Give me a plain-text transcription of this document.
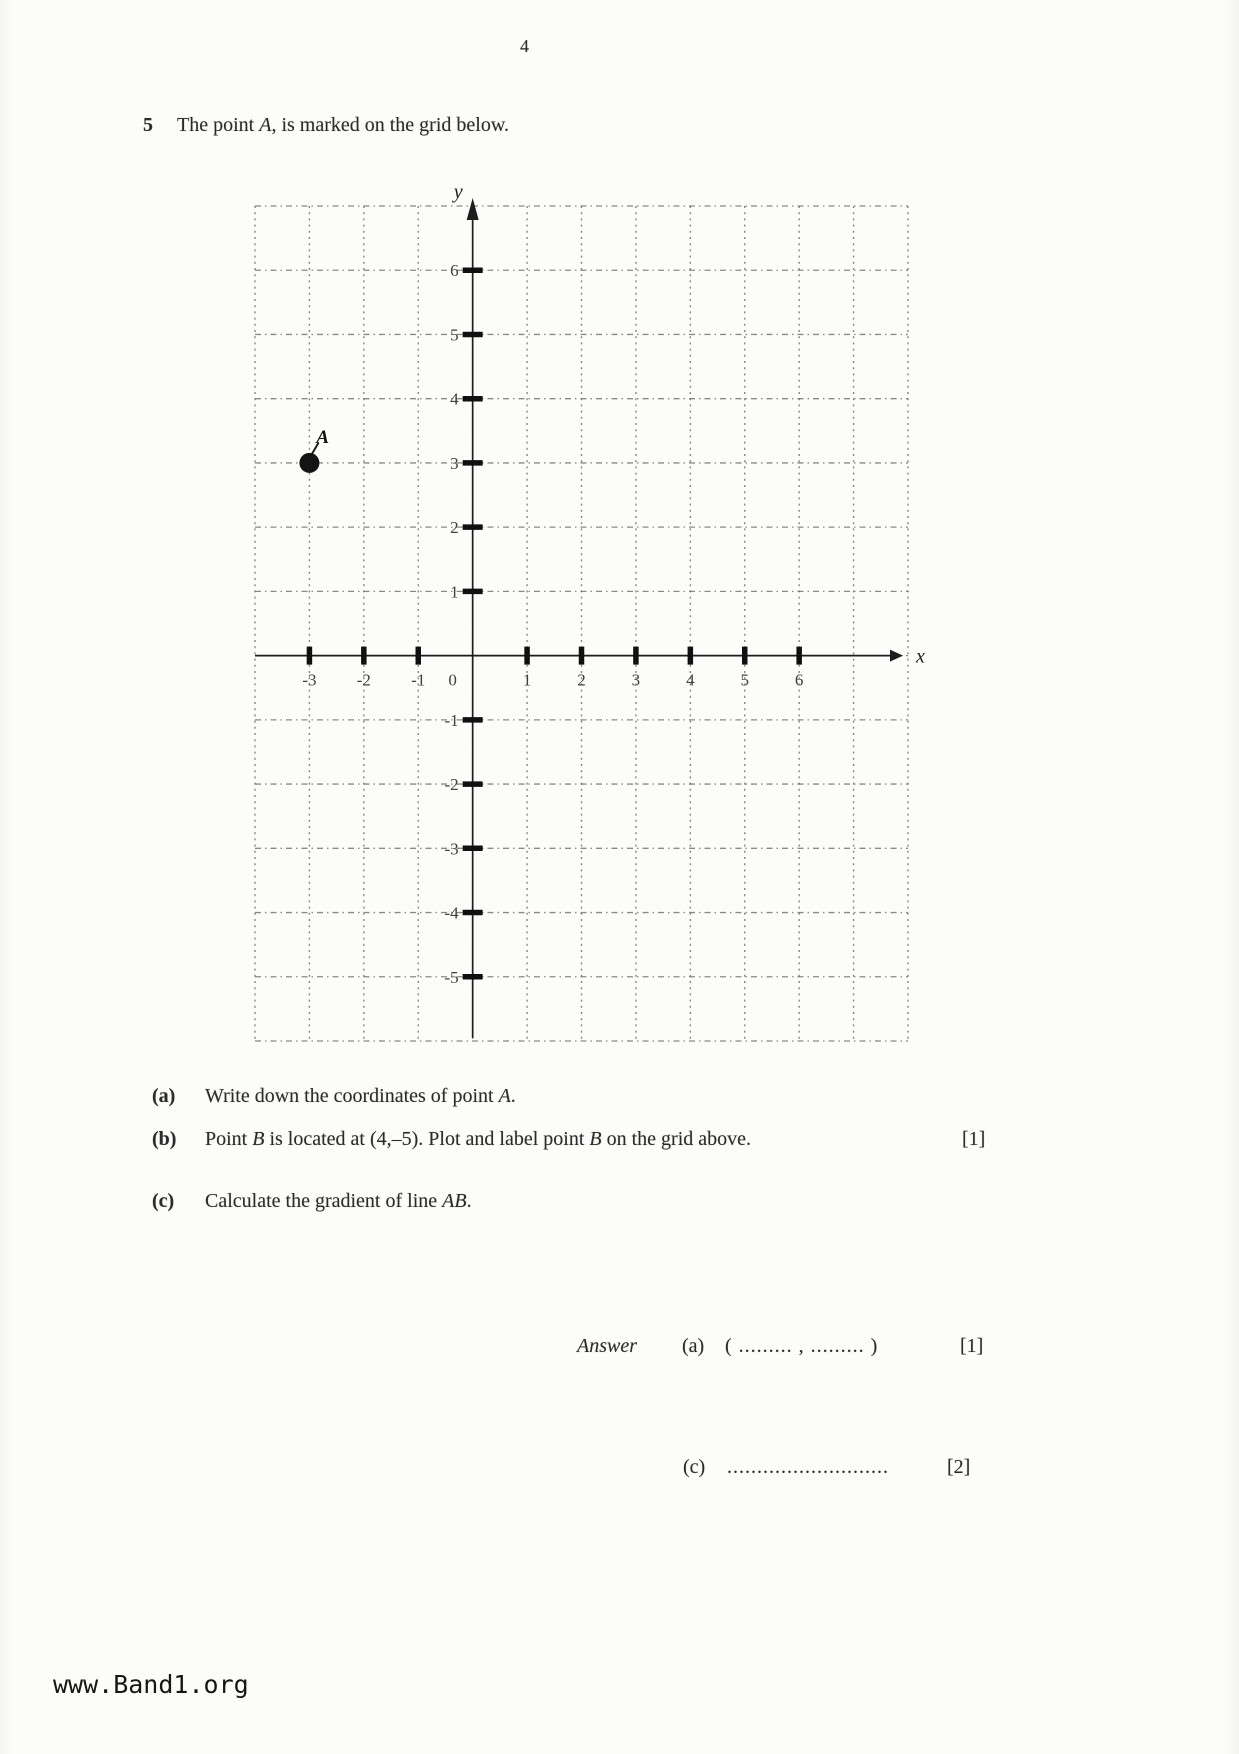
4
5 The point A, is marked on the grid below.
x
y
-3 -2 -1	1	2	3	4	5	6
-5
-4
-3
-2
-1
1
2
3
4
5
6
0
A
(a) Write down the coordinates of point A.
(b) Point B is located at (4,–5). Plot and label point B on the grid above.	[1]
(c) Calculate the gradient of line AB.
Answer (a) ( ......... , ......... )	[1]
(c) ...........................	[2]
www.Band1.org
